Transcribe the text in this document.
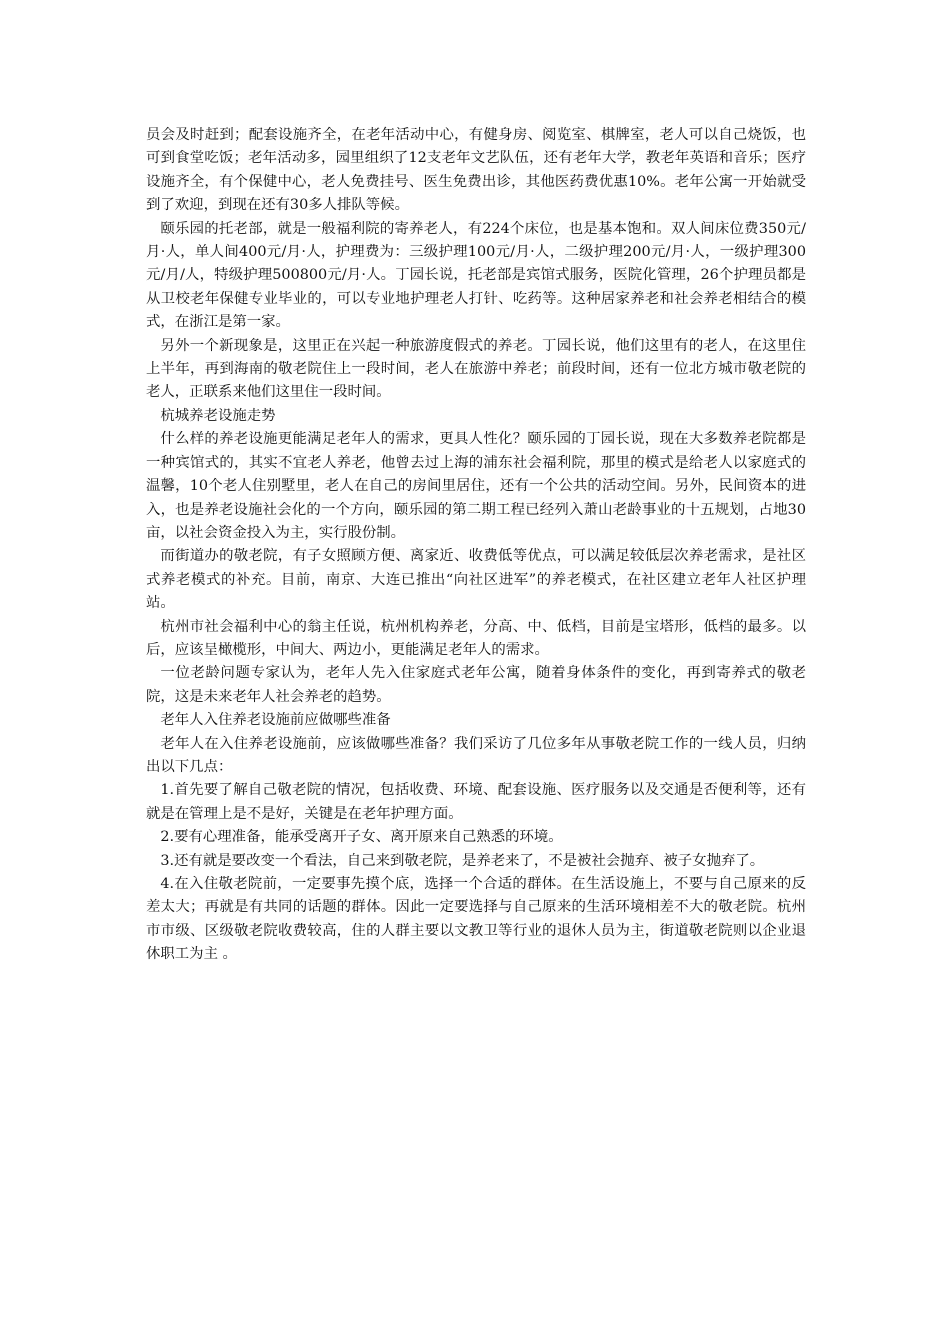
员会及时赶到；配套设施齐全，在老年活动中心，有健身房、阅览室、棋牌室，老人可以自己烧饭，也可到食堂吃饭；老年活动多，园里组织了12支老年文艺队伍，还有老年大学，教老年英语和音乐；医疗设施齐全，有个保健中心，老人免费挂号、医生免费出诊，其他医药费优惠10%。老年公寓一开始就受到了欢迎，到现在还有30多人排队等候。

颐乐园的托老部，就是一般福利院的寄养老人，有224个床位，也是基本饱和。双人间床位费350元/月·人，单人间400元/月·人，护理费为：三级护理100元/月·人，二级护理200元/月·人，一级护理300元/月/人，特级护理500800元/月·人。丁园长说，托老部是宾馆式服务，医院化管理，26个护理员都是从卫校老年保健专业毕业的，可以专业地护理老人打针、吃药等。这种居家养老和社会养老相结合的模式，在浙江是第一家。

另外一个新现象是，这里正在兴起一种旅游度假式的养老。丁园长说，他们这里有的老人，在这里住上半年，再到海南的敬老院住上一段时间，老人在旅游中养老；前段时间，还有一位北方城市敬老院的老人，正联系来他们这里住一段时间。

杭城养老设施走势

什么样的养老设施更能满足老年人的需求，更具人性化？颐乐园的丁园长说，现在大多数养老院都是一种宾馆式的，其实不宜老人养老，他曾去过上海的浦东社会福利院，那里的模式是给老人以家庭式的温馨，10个老人住别墅里，老人在自己的房间里居住，还有一个公共的活动空间。另外，民间资本的进入，也是养老设施社会化的一个方向，颐乐园的第二期工程已经列入萧山老龄事业的十五规划，占地30亩，以社会资金投入为主，实行股份制。

而街道办的敬老院，有子女照顾方便、离家近、收费低等优点，可以满足较低层次养老需求，是社区式养老模式的补充。目前，南京、大连已推出“向社区进军”的养老模式，在社区建立老年人社区护理站。

杭州市社会福利中心的翁主任说，杭州机构养老，分高、中、低档，目前是宝塔形，低档的最多。以后，应该呈橄榄形，中间大、两边小，更能满足老年人的需求。

一位老龄问题专家认为，老年人先入住家庭式老年公寓，随着身体条件的变化，再到寄养式的敬老院，这是未来老年人社会养老的趋势。

老年人入住养老设施前应做哪些准备

老年人在入住养老设施前，应该做哪些准备？我们采访了几位多年从事敬老院工作的一线人员，归纳出以下几点：

1.首先要了解自己敬老院的情况，包括收费、环境、配套设施、医疗服务以及交通是否便利等，还有就是在管理上是不是好，关键是在老年护理方面。

2.要有心理准备，能承受离开子女、离开原来自己熟悉的环境。

3.还有就是要改变一个看法，自己来到敬老院，是养老来了，不是被社会抛弃、被子女抛弃了。

4.在入住敬老院前，一定要事先摸个底，选择一个合适的群体。在生活设施上，不要与自己原来的反差太大；再就是有共同的话题的群体。因此一定要选择与自己原来的生活环境相差不大的敬老院。杭州市市级、区级敬老院收费较高，住的人群主要以文教卫等行业的退休人员为主，街道敬老院则以企业退休职工为主 。
